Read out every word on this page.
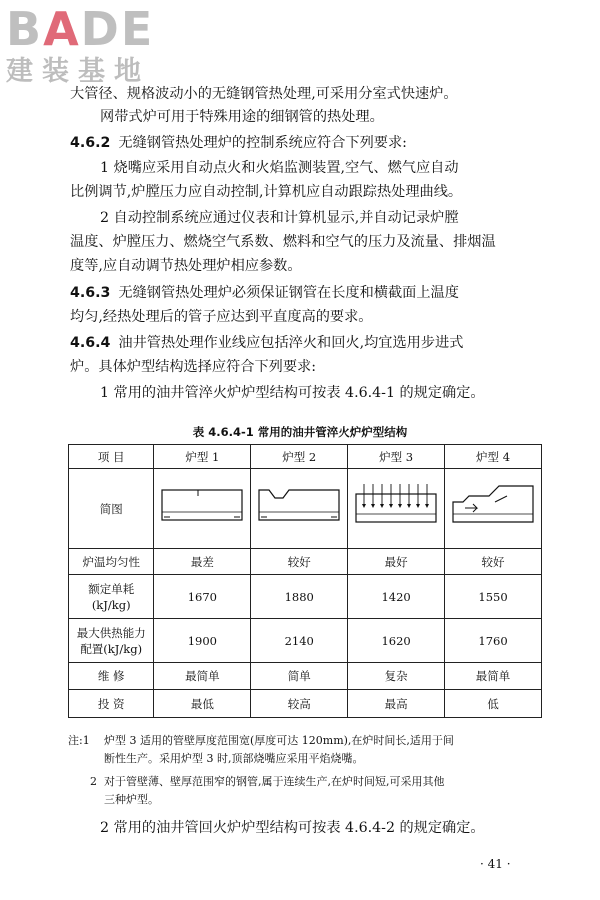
BADE
建装基地
大管径、规格波动小的无缝钢管热处理,可采用分室式快速炉。
网带式炉可用于特殊用途的细钢管的热处理。
4.6.2 无缝钢管热处理炉的控制系统应符合下列要求:
1 烧嘴应采用自动点火和火焰监测装置,空气、燃气应自动
比例调节,炉膛压力应自动控制,计算机应自动跟踪热处理曲线。
2 自动控制系统应通过仪表和计算机显示,并自动记录炉膛
温度、炉膛压力、燃烧空气系数、燃料和空气的压力及流量、排烟温
度等,应自动调节热处理炉相应参数。
4.6.3 无缝钢管热处理炉必须保证钢管在长度和横截面上温度
均匀,经热处理后的管子应达到平直度高的要求。
4.6.4 油井管热处理作业线应包括淬火和回火,均宜选用步进式
炉。具体炉型结构选择应符合下列要求:
1 常用的油井管淬火炉炉型结构可按表 4.6.4-1 的规定确定。
表 4.6.4-1 常用的油井管淬火炉炉型结构
项 目	炉型 1	炉型 2	炉型 3	炉型 4
简图				
炉温均匀性	最差	较好	最好	较好
额定单耗
(kJ/kg)	1670	1880	1420	1550
最大供热能力
配置(kJ/kg)	1900	2140	1620	1760
维 修	最简单	简单	复杂	最简单
投 资	最低	较高	最高	低
注:1 炉型 3 适用的管壁厚度范围宽(厚度可达 120mm),在炉时间长,适用于间
断性生产。采用炉型 3 时,顶部烧嘴应采用平焰烧嘴。
2 对于管壁薄、壁厚范围窄的钢管,属于连续生产,在炉时间短,可采用其他
三种炉型。
2 常用的油井管回火炉炉型结构可按表 4.6.4-2 的规定确定。
· 41 ·
